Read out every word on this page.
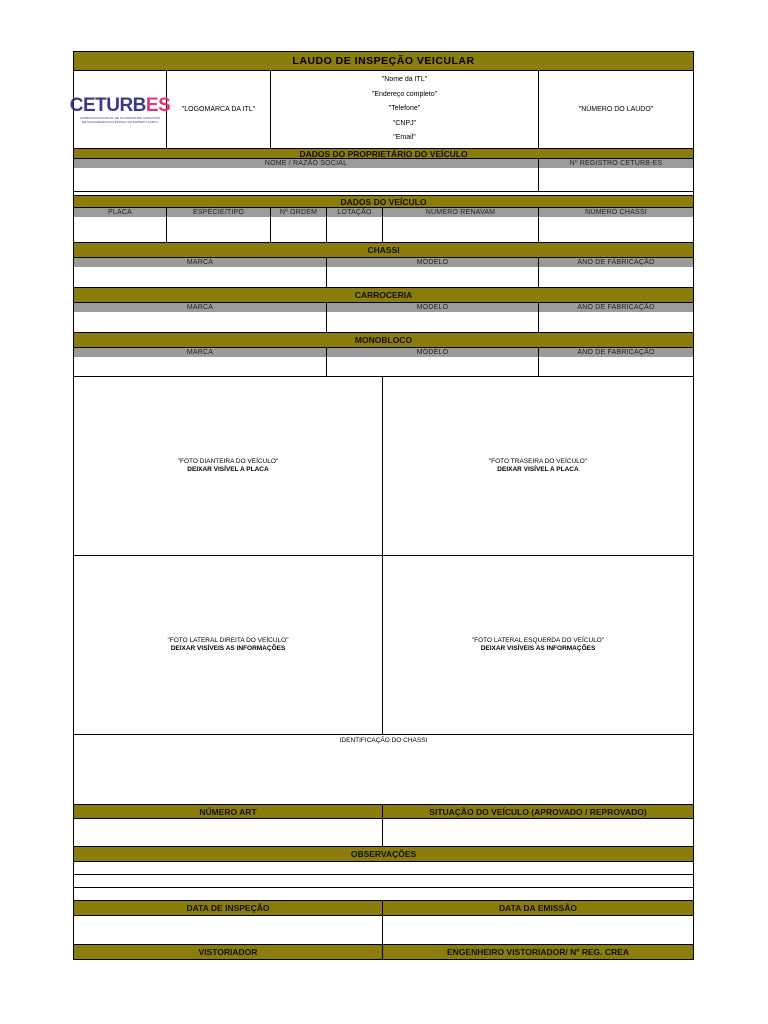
LAUDO DE INSPEÇÃO VEICULAR
CETURBES
COMPANHIA ESTADUAL DE TRANSPORTES COLETIVOS
DE PASSAGEIROS DO ESTADO DO ESPÍRITO SANTO
"LOGOMARCA DA ITL"
"Nome da ITL"
"Endereço completo"
"Telefone"
"CNPJ"
"Email"
"NÚMERO DO LAUDO"
DADOS DO PROPRIETÁRIO DO VEÍCULO
NOME / RAZÃO SOCIAL	Nº REGISTRO CETURB-ES
DADOS DO VEÍCULO
PLACA	ESPÉCIE/TIPO	Nº ORDEM	LOTAÇÃO	NÚMERO RENAVAM	NÚMERO CHASSI
CHASSI
MARCA	MODELO	ANO DE FABRICAÇÃO
CARROCERIA
MARCA	MODELO	ANO DE FABRICAÇÃO
MONOBLOCO
MARCA	MODELO	ANO DE FABRICAÇÃO
"FOTO DIANTEIRA DO VEÍCULO"
DEIXAR VISÍVEL A PLACA
"FOTO TRASEIRA DO VEÍCULO"
DEIXAR VISÍVEL A PLACA
"FOTO LATERAL DIREITA DO VEÍCULO"
DEIXAR VISÍVEIS AS INFORMAÇÕES
"FOTO LATERAL ESQUERDA DO VEÍCULO"
DEIXAR VISÍVEIS AS INFORMAÇÕES
IDENTIFICAÇÃO DO CHASSI
NÚMERO ART	SITUAÇÃO DO VEÍCULO (APROVADO / REPROVADO)
OBSERVAÇÕES
DATA DE INSPEÇÃO	DATA DA EMISSÃO
VISTORIADOR	ENGENHEIRO VISTORIADOR/ Nº REG. CREA
